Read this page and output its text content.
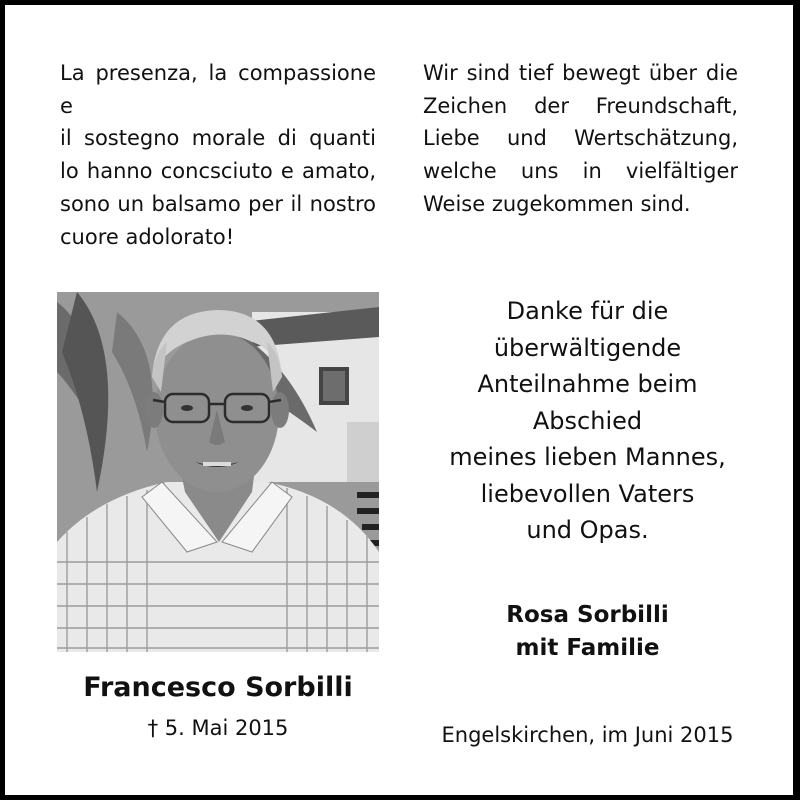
La presenza, la compassione e
il sostegno morale di quanti
lo hanno concsciuto e amato,
sono un balsamo per il nostro
cuore adolorato!
Wir sind tief bewegt über die
Zeichen der Freundschaft,
Liebe und Wertschätzung,
welche uns in vielfältiger
Weise zugekommen sind.
Francesco Sorbilli
† 5. Mai 2015
Danke für die
überwältigende
Anteilnahme beim
Abschied
meines lieben Mannes,
liebevollen Vaters
und Opas.
Rosa Sorbilli
mit Familie
Engelskirchen, im Juni 2015
